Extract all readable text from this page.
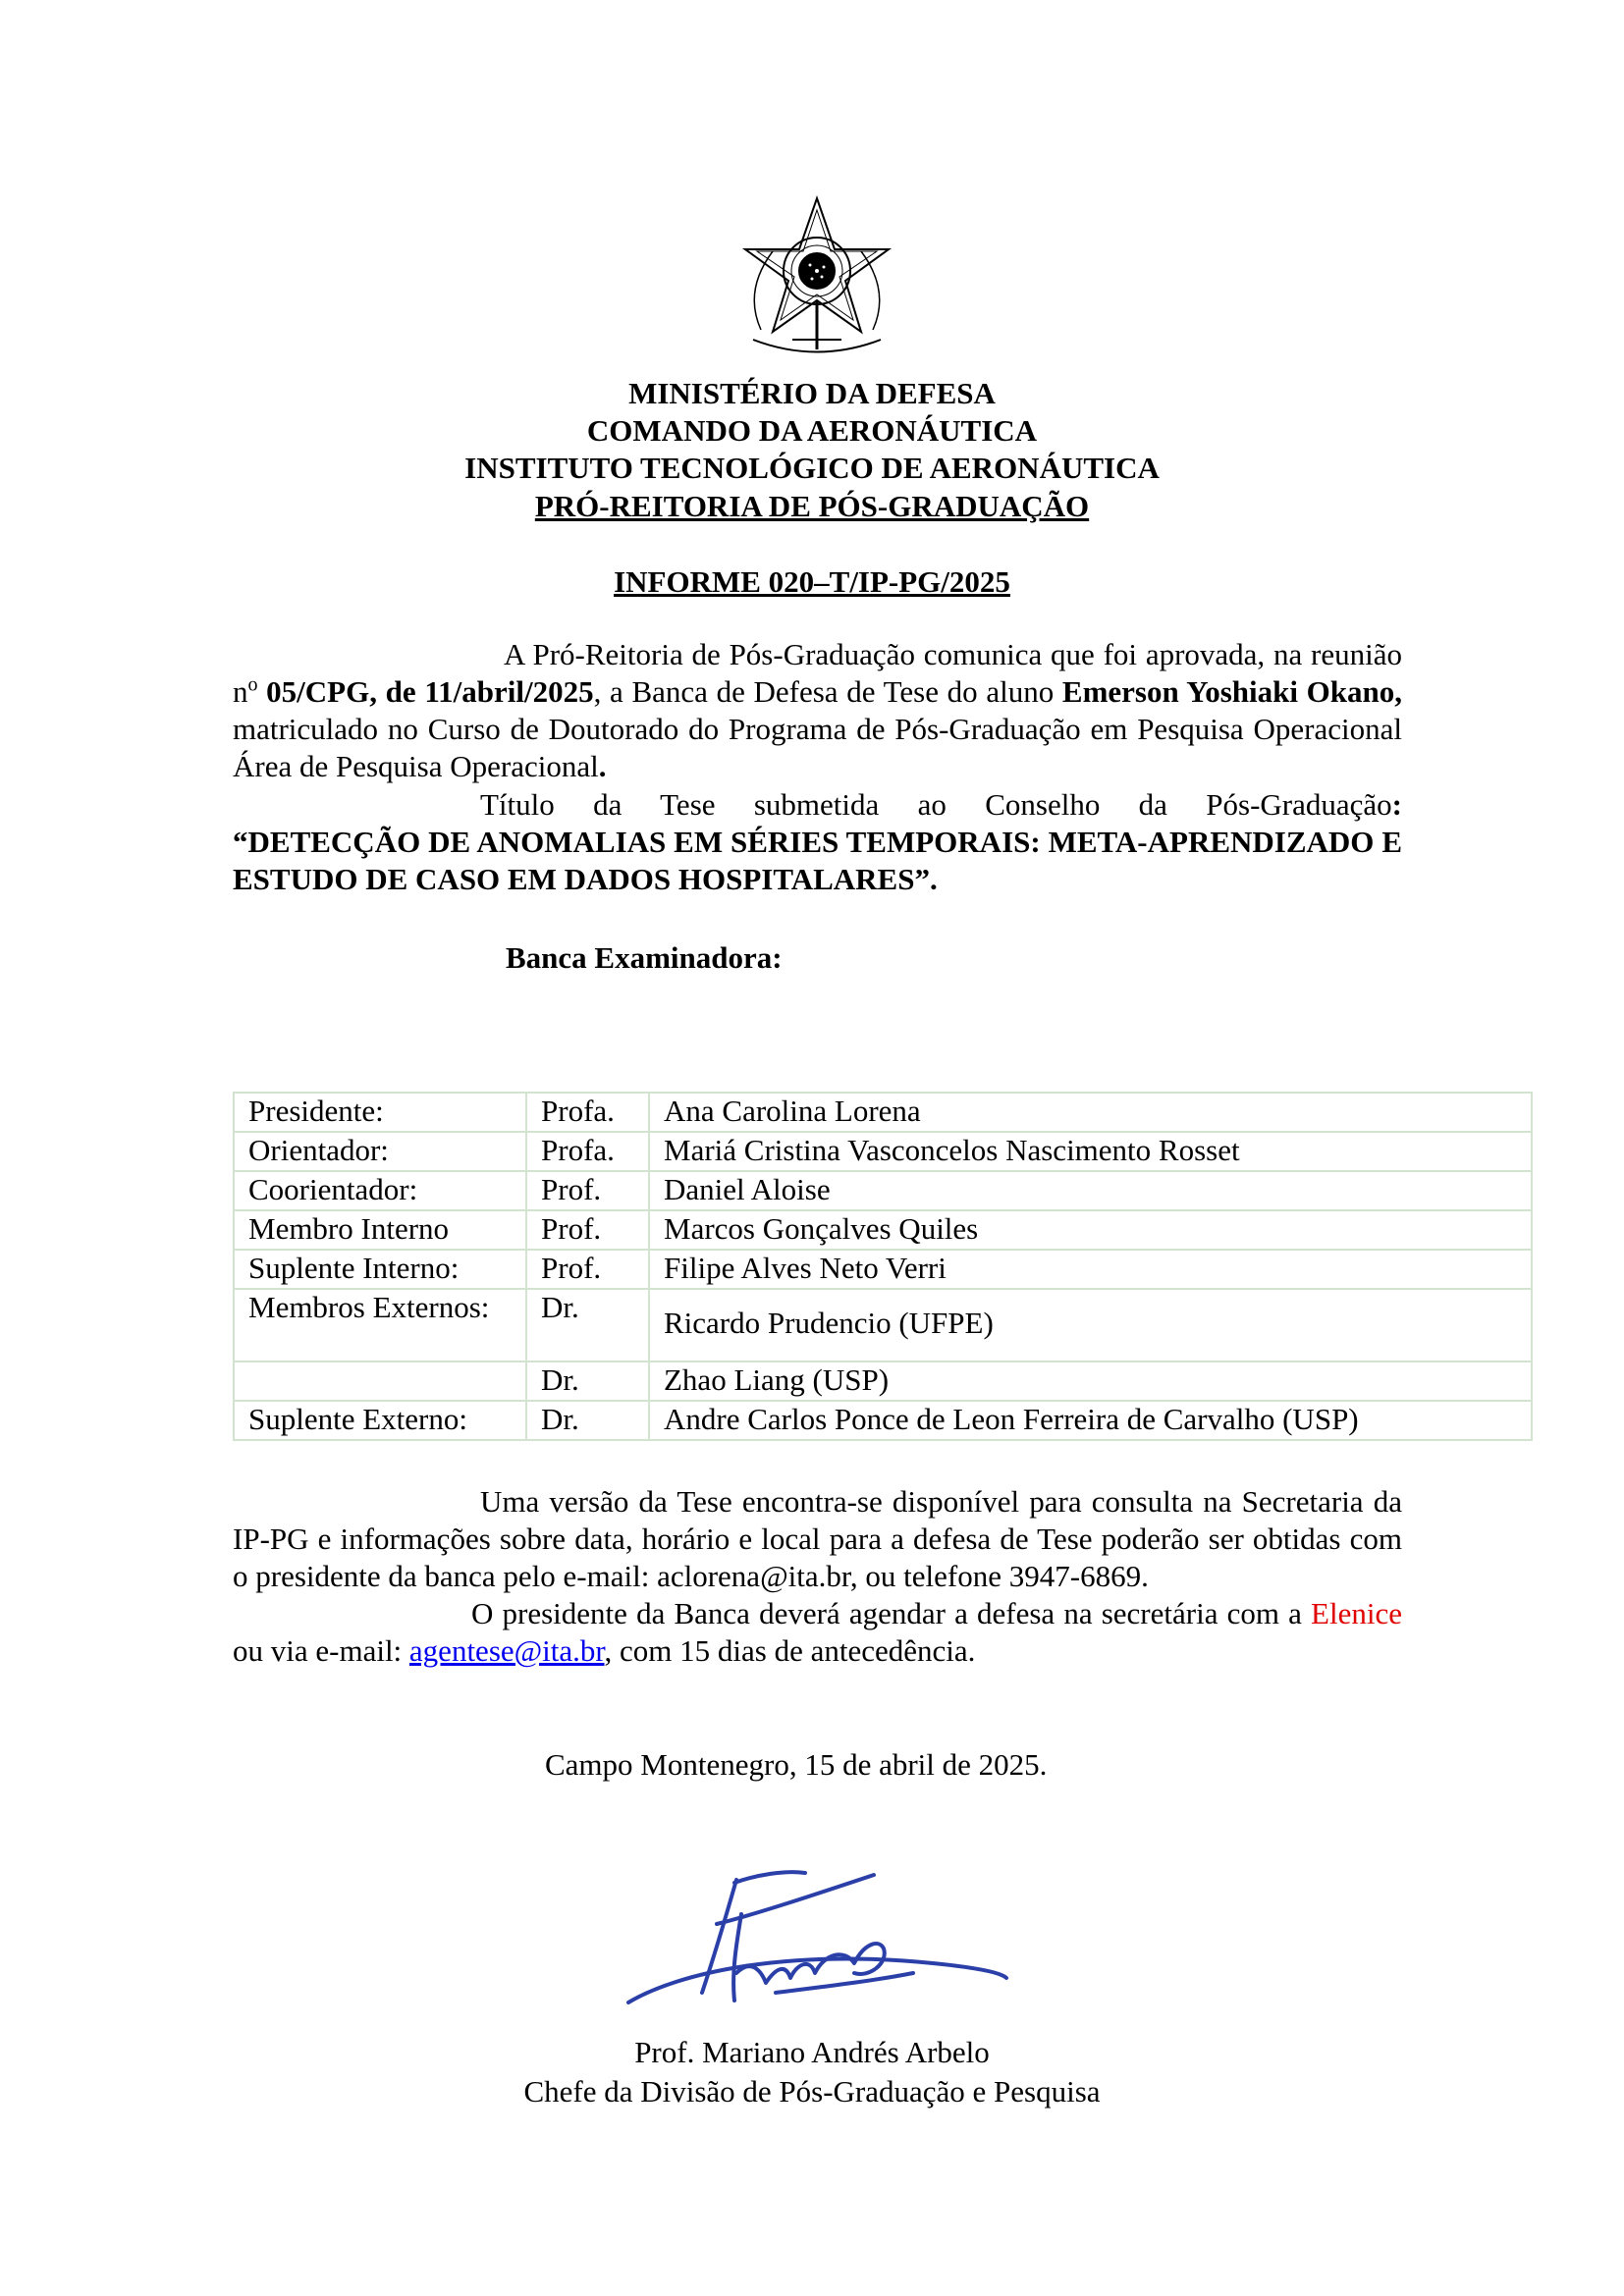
MINISTÉRIO DA DEFESA
COMANDO DA AERONÁUTICA
INSTITUTO TECNOLÓGICO DE AERONÁUTICA
PRÓ-REITORIA DE PÓS-GRADUAÇÃO
INFORME 020–T/IP-PG/2025
A Pró-Reitoria de Pós-Graduação comunica que foi aprovada, na reunião $n^o$ 05/CPG, de 11/abril/2025, a Banca de Defesa de Tese do aluno Emerson Yoshiaki Okano, matriculado no Curso de Doutorado do Programa de Pós-Graduação em Pesquisa Operacional Área de Pesquisa Operacional.
Título da Tese submetida ao Conselho da Pós-Graduação:
“DETECÇÃO DE ANOMALIAS EM SÉRIES TEMPORAIS: META-APRENDIZADO E ESTUDO DE CASO EM DADOS HOSPITALARES”.
Banca Examinadora:
Presidente:	Profa.	Ana Carolina Lorena
Orientador:	Profa.	Mariá Cristina Vasconcelos Nascimento Rosset
Coorientador:	Prof.	Daniel Aloise
Membro Interno	Prof.	Marcos Gonçalves Quiles
Suplente Interno:	Prof.	Filipe Alves Neto Verri
Membros Externos:	Dr.	Ricardo Prudencio (UFPE)
	Dr.	Zhao Liang (USP)
Suplente Externo:	Dr.	Andre Carlos Ponce de Leon Ferreira de Carvalho (USP)
Uma versão da Tese encontra-se disponível para consulta na Secretaria da IP-PG e informações sobre data, horário e local para a defesa de Tese poderão ser obtidas com o presidente da banca pelo e-mail: aclorena@ita.br, ou telefone 3947-6869.
O presidente da Banca deverá agendar a defesa na secretária com a Elenice ou via e-mail: agentese@ita.br, com 15 dias de antecedência.
Campo Montenegro, 15 de abril de 2025.
Prof. Mariano Andrés Arbelo
Chefe da Divisão de Pós-Graduação e Pesquisa
